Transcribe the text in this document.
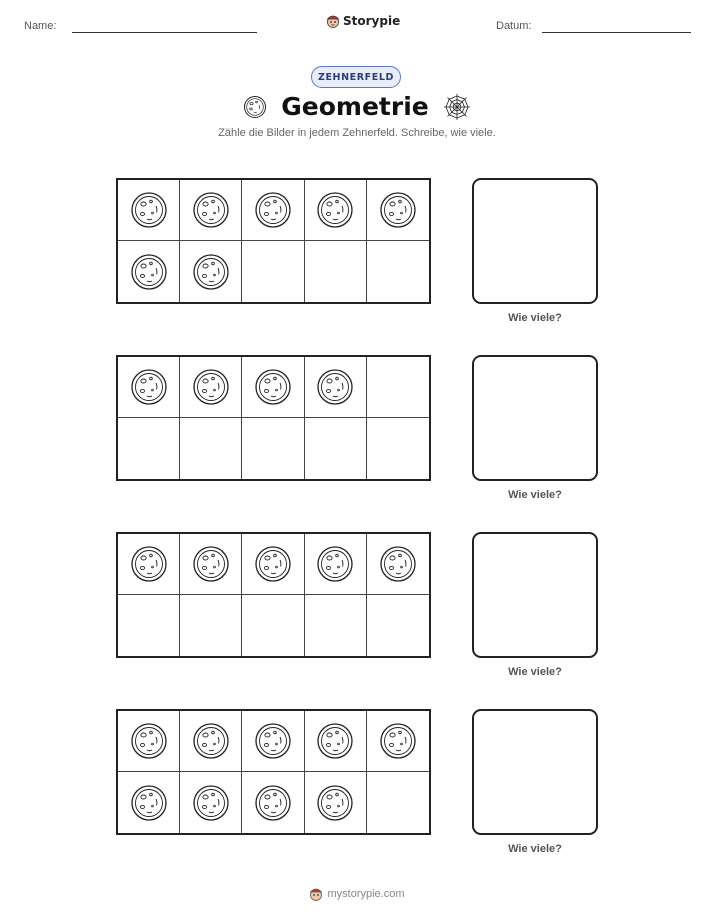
Name:	Storypie	Datum:
ZEHNERFELD
Geometrie
Zähle die Bilder in jedem Zehnerfeld. Schreibe, wie viele.
Wie viele?
Wie viele?
Wie viele?
Wie viele?
mystorypie.com
